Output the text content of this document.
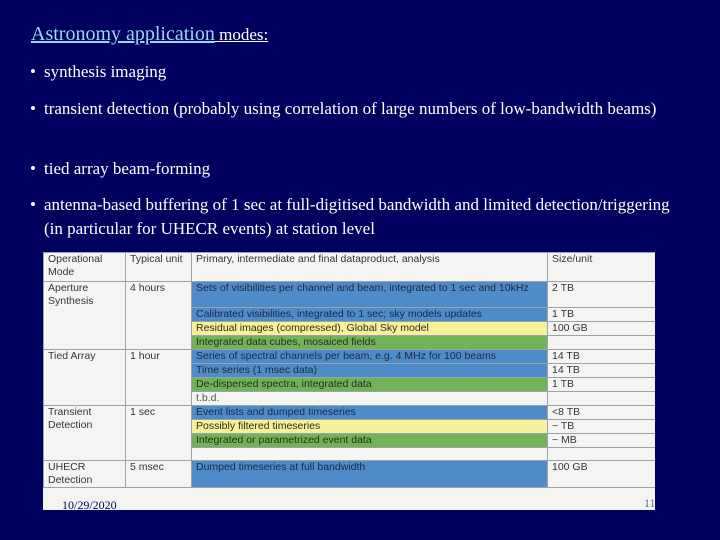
Astronomy application modes:
• synthesis imaging
• transient detection (probably using correlation of large numbers of low-bandwidth beams)
• tied array beam-forming
• antenna-based buffering of 1 sec at full-digitised bandwidth and limited detection/triggering (in particular for UHECR events) at station level
Operational Mode	Typical unit	Primary, intermediate and final dataproduct, analysis	Size/unit
Aperture Synthesis	4 hours	Sets of visibilities per channel and beam, integrated to 1 sec and 10kHz	2 TB
		Calibrated visibilities, integrated to 1 sec; sky models updates	1 TB
		Residual images (compressed), Global Sky model	100 GB
		Integrated data cubes, mosaiced fields	
Tied Array	1 hour	Series of spectral channels per beam, e.g. 4 MHz for 100 beams	14 TB
		Time series (1 msec data)	14 TB
		De-dispersed spectra, integrated data	1 TB
		t.b.d.	
Transient Detection	1 sec	Event lists and dumped timeseries	<8 TB
		Possibly filtered timeseries	~ TB
		Integrated or parametrized event data	~ MB

UHECR Detection	5 msec	Dumped timeseries at full bandwidth	100 GB
10/29/2020	11
